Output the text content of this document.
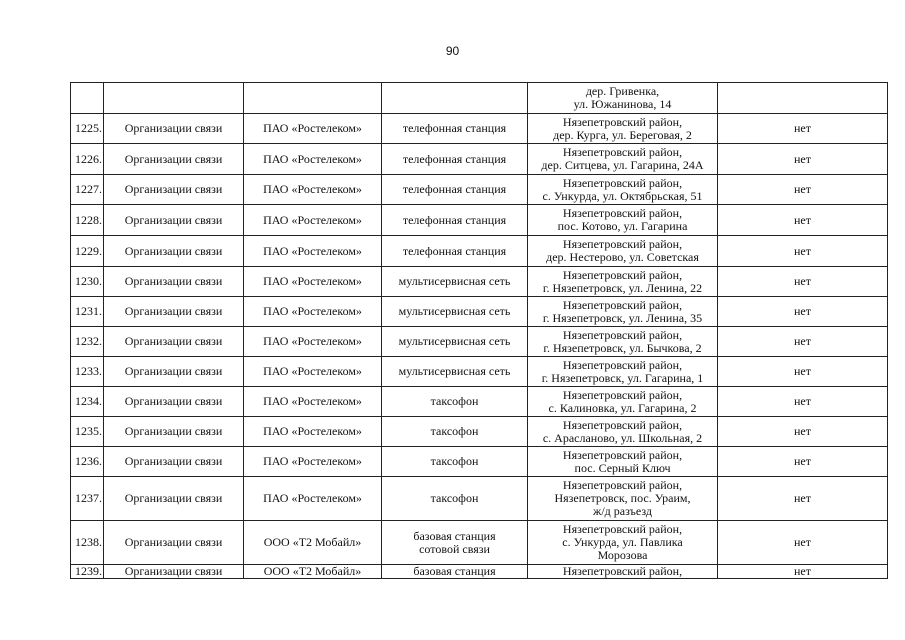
90
				дер. Гривенка,
ул. Южанинова, 14	
1225.	Организации связи	ПАО «Ростелеком»	телефонная станция	Нязепетровский район,
дер. Курга, ул. Береговая, 2	нет
1226.	Организации связи	ПАО «Ростелеком»	телефонная станция	Нязепетровский район,
дер. Ситцева, ул. Гагарина, 24А	нет
1227.	Организации связи	ПАО «Ростелеком»	телефонная станция	Нязепетровский район,
с. Ункурда, ул. Октябрьская, 51	нет
1228.	Организации связи	ПАО «Ростелеком»	телефонная станция	Нязепетровский район,
пос. Котово, ул. Гагарина	нет
1229.	Организации связи	ПАО «Ростелеком»	телефонная станция	Нязепетровский район,
дер. Нестерово, ул. Советская	нет
1230.	Организации связи	ПАО «Ростелеком»	мультисервисная сеть	Нязепетровский район,
г. Нязепетровск, ул. Ленина, 22	нет
1231.	Организации связи	ПАО «Ростелеком»	мультисервисная сеть	Нязепетровский район,
г. Нязепетровск, ул. Ленина, 35	нет
1232.	Организации связи	ПАО «Ростелеком»	мультисервисная сеть	Нязепетровский район,
г. Нязепетровск, ул. Бычкова, 2	нет
1233.	Организации связи	ПАО «Ростелеком»	мультисервисная сеть	Нязепетровский район,
г. Нязепетровск, ул. Гагарина, 1	нет
1234.	Организации связи	ПАО «Ростелеком»	таксофон	Нязепетровский район,
с. Калиновка, ул. Гагарина, 2	нет
1235.	Организации связи	ПАО «Ростелеком»	таксофон	Нязепетровский район,
с. Арасланово, ул. Школьная, 2	нет
1236.	Организации связи	ПАО «Ростелеком»	таксофон	Нязепетровский район,
пос. Серный Ключ	нет
1237.	Организации связи	ПАО «Ростелеком»	таксофон	Нязепетровский район,
Нязепетровск, пос. Ураим,
ж/д разъезд	нет
1238.	Организации связи	ООО «Т2 Мобайл»	базовая станция
сотовой связи	Нязепетровский район,
с. Ункурда, ул. Павлика
Морозова	нет
1239.	Организации связи	ООО «Т2 Мобайл»	базовая станция	Нязепетровский район,	нет
